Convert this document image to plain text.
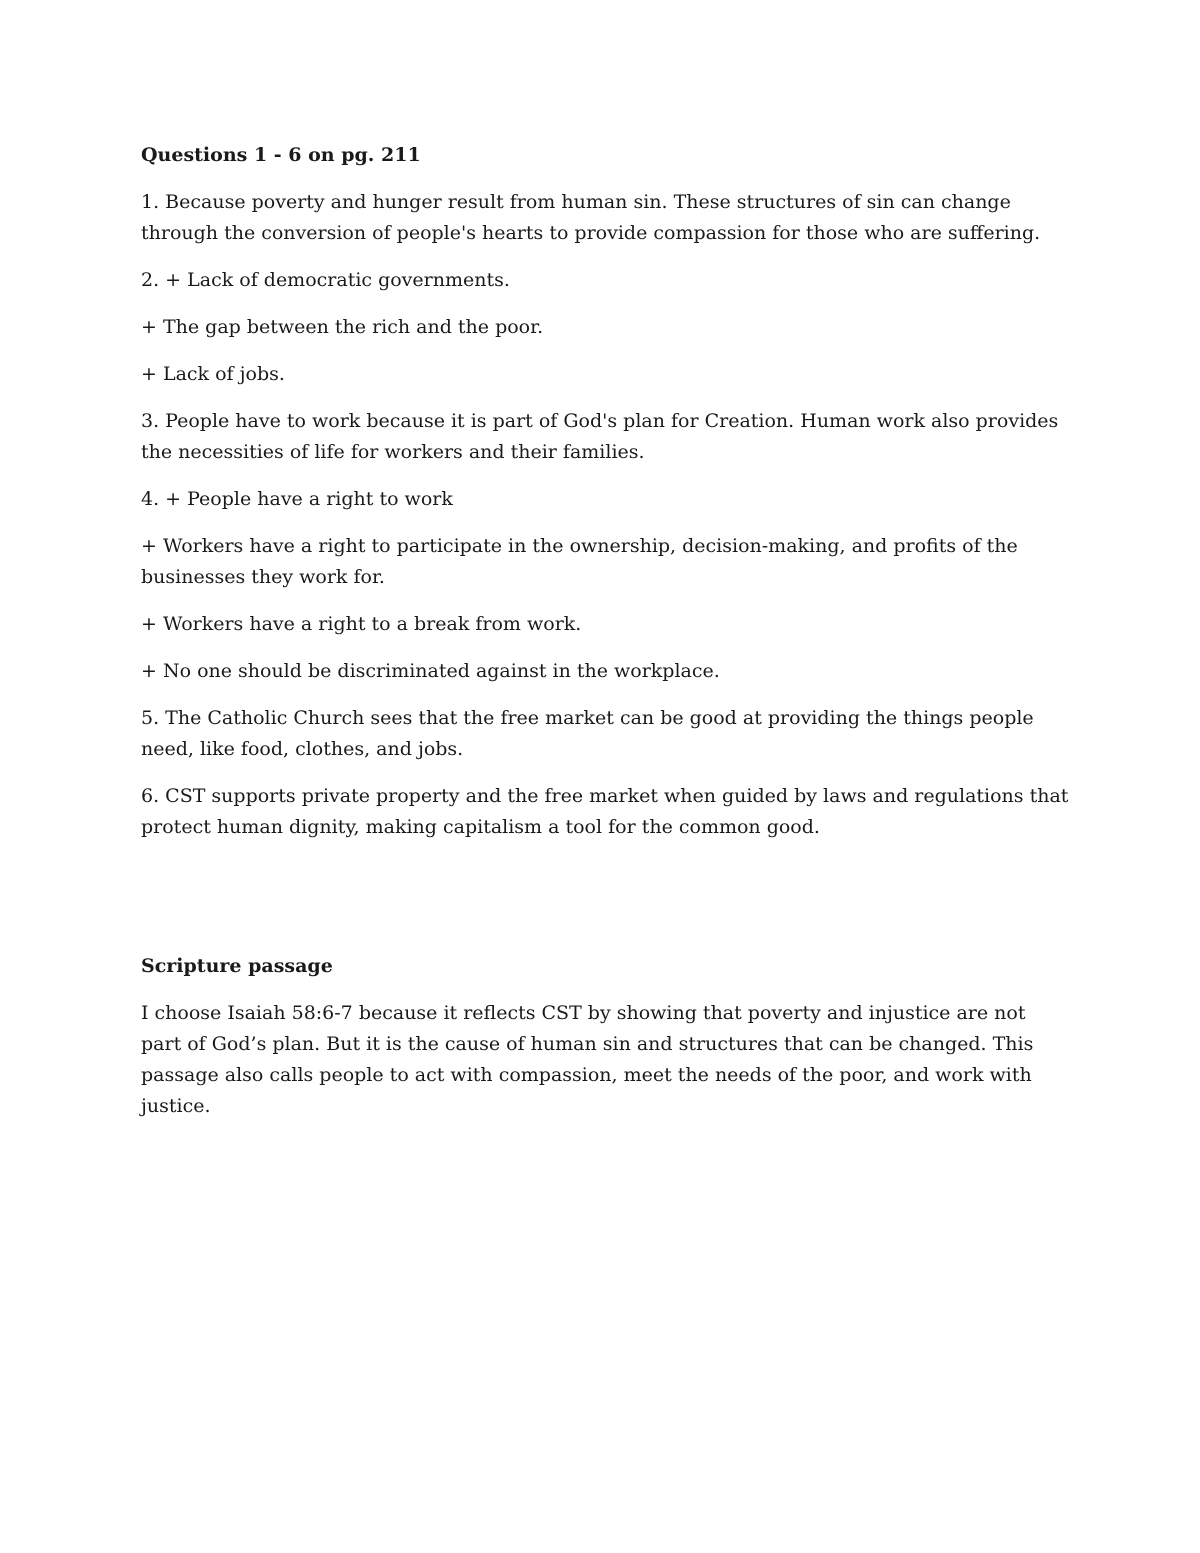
Questions 1 - 6 on pg. 211

1. Because poverty and hunger result from human sin. These structures of sin can change through the conversion of people's hearts to provide compassion for those who are suffering.

2. + Lack of democratic governments.

+ The gap between the rich and the poor.

+ Lack of jobs.

3. People have to work because it is part of God's plan for Creation. Human work also provides the necessities of life for workers and their families.

4. + People have a right to work

+ Workers have a right to participate in the ownership, decision-making, and profits of the businesses they work for.

+ Workers have a right to a break from work.

+ No one should be discriminated against in the workplace.

5. The Catholic Church sees that the free market can be good at providing the things people need, like food, clothes, and jobs.

6. CST supports private property and the free market when guided by laws and regulations that protect human dignity, making capitalism a tool for the common good.

Scripture passage

I choose Isaiah 58:6-7 because it reflects CST by showing that poverty and injustice are not part of God’s plan. But it is the cause of human sin and structures that can be changed. This passage also calls people to act with compassion, meet the needs of the poor, and work with justice.
